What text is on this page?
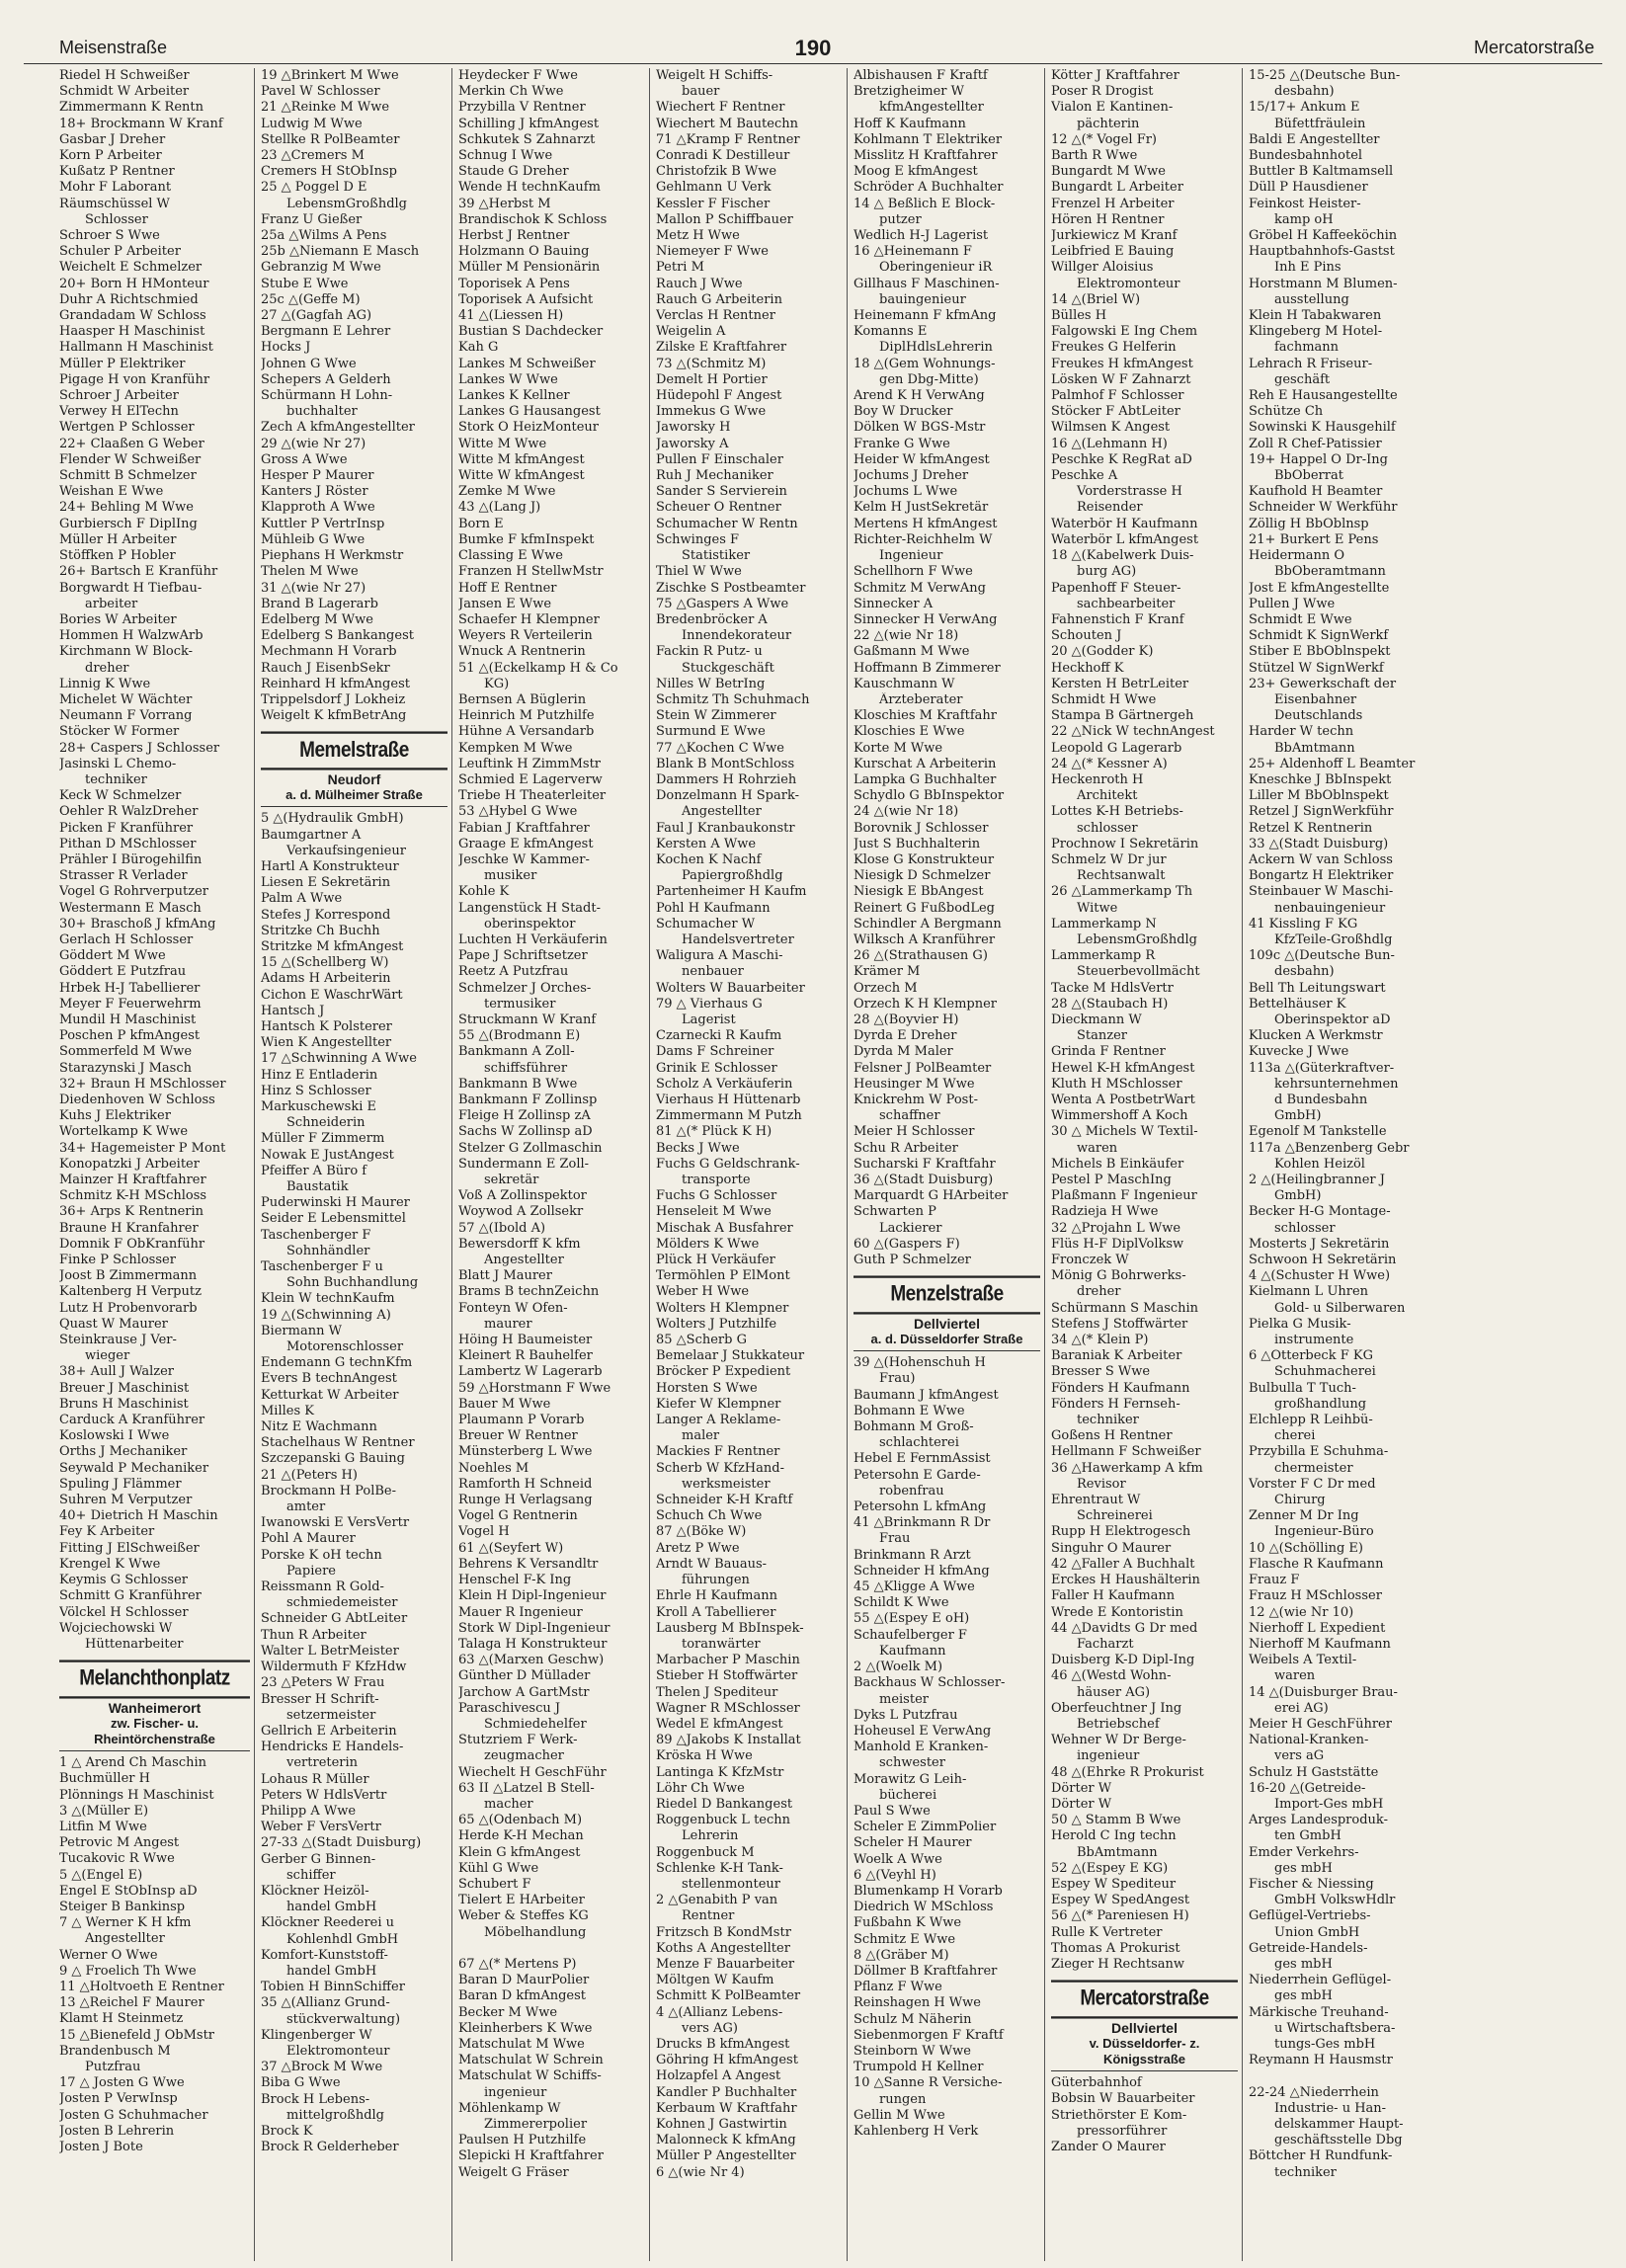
Meisenstraße	190	Mercatorstraße
Riedel H Schweißer
Schmidt W Arbeiter
Zimmermann K Rentn
18+ Brockmann W Kranf
Gasbar J Dreher
Korn P Arbeiter
Kußatz P Rentner
Mohr F Laborant
Räumschüssel W
Schlosser
Schroer S Wwe
Schuler P Arbeiter
Weichelt E Schmelzer
20+ Born H HMonteur
Duhr A Richtschmied
Grandadam W Schloss
Haasper H Maschinist
Hallmann H Maschinist
Müller P Elektriker
Pigage H von Kranführ
Schroer J Arbeiter
Verwey H ElTechn
Wertgen P Schlosser
22+ Claaßen G Weber
Flender W Schweißer
Schmitt B Schmelzer
Weishan E Wwe
24+ Behling M Wwe
Gurbiersch F DiplIng
Müller H Arbeiter
Stöffken P Hobler
26+ Bartsch E Kranführ
Borgwardt H Tiefbau-
arbeiter
Bories W Arbeiter
Hommen H WalzwArb
Kirchmann W Block-
dreher
Linnig K Wwe
Michelet W Wächter
Neumann F Vorrang
Stöcker W Former
28+ Caspers J Schlosser
Jasinski L Chemo-
techniker
Keck W Schmelzer
Oehler R WalzDreher
Picken F Kranführer
Pithan D MSchlosser
Prähler I Bürogehilfin
Strasser R Verlader
Vogel G Rohrverputzer
Westermann E Masch
30+ Braschoß J kfmAng
Gerlach H Schlosser
Göddert M Wwe
Göddert E Putzfrau
Hrbek H-J Tabellierer
Meyer F Feuerwehrm
Mundil H Maschinist
Poschen P kfmAngest
Sommerfeld M Wwe
Starazynski J Masch
32+ Braun H MSchlosser
Diedenhoven W Schloss
Kuhs J Elektriker
Wortelkamp K Wwe
34+ Hagemeister P Mont
Konopatzki J Arbeiter
Mainzer H Kraftfahrer
Schmitz K-H MSchloss
36+ Arps K Rentnerin
Braune H Kranfahrer
Domnik F ObKranführ
Finke P Schlosser
Joost B Zimmermann
Kaltenberg H Verputz
Lutz H Probenvorarb
Quast W Maurer
Steinkrause J Ver-
wieger
38+ Aull J Walzer
Breuer J Maschinist
Bruns H Maschinist
Carduck A Kranführer
Koslowski I Wwe
Orths J Mechaniker
Seywald P Mechaniker
Spuling J Flämmer
Suhren M Verputzer
40+ Dietrich H Maschin
Fey K Arbeiter
Fitting J ElSchweißer
Krengel K Wwe
Keymis G Schlosser
Schmitt G Kranführer
Völckel H Schlosser
Wojciechowski W
Hüttenarbeiter
Melanchthonplatz
Wanheimerort
zw. Fischer- u.
Rheintörchenstraße
1 △ Arend Ch Maschin
Buchmüller H
Plönnings H Maschinist
3 △(Müller E)
Litfin M Wwe
Petrovic M Angest
Tucakovic R Wwe
5 △(Engel E)
Engel E StObInsp aD
Steiger B Bankinsp
7 △ Werner K H kfm
Angestellter
Werner O Wwe
9 △ Froelich Th Wwe
11 △Holtvoeth E Rentner
13 △Reichel F Maurer
Klamt H Steinmetz
15 △Bienefeld J ObMstr
Brandenbusch M
Putzfrau
17 △ Josten G Wwe
Josten P VerwInsp
Josten G Schuhmacher
Josten B Lehrerin
Josten J Bote
19 △Brinkert M Wwe
Pavel W Schlosser
21 △Reinke M Wwe
Ludwig M Wwe
Stellke R PolBeamter
23 △Cremers M
Cremers H StObInsp
25 △ Poggel D E
LebensmGroßhdlg
Franz U Gießer
25a △Wilms A Pens
25b △Niemann E Masch
Gebranzig M Wwe
Stube E Wwe
25c △(Geffe M)
27 △(Gagfah AG)
Bergmann E Lehrer
Hocks J
Johnen G Wwe
Schepers A Gelderh
Schürmann H Lohn-
buchhalter
Zech A kfmAngestellter
29 △(wie Nr 27)
Gross A Wwe
Hesper P Maurer
Kanters J Röster
Klapproth A Wwe
Kuttler P VertrInsp
Mühleib G Wwe
Piephans H Werkmstr
Thelen M Wwe
31 △(wie Nr 27)
Brand B Lagerarb
Edelberg M Wwe
Edelberg S Bankangest
Mechmann H Vorarb
Rauch J EisenbSekr
Reinhard H kfmAngest
Trippelsdorf J Lokheiz
Weigelt K kfmBetrAng
Memelstraße
Neudorf
a. d. Mülheimer Straße
5 △(Hydraulik GmbH)
Baumgartner A
Verkaufsingenieur
Hartl A Konstrukteur
Liesen E Sekretärin
Palm A Wwe
Stefes J Korrespond
Stritzke Ch Buchh
Stritzke M kfmAngest
15 △(Schellberg W)
Adams H Arbeiterin
Cichon E WaschrWärt
Hantsch J
Hantsch K Polsterer
Wien K Angestellter
17 △Schwinning A Wwe
Hinz E Entladerin
Hinz S Schlosser
Markuschewski E
Schneiderin
Müller F Zimmerm
Nowak E JustAngest
Pfeiffer A Büro f
Baustatik
Puderwinski H Maurer
Seider E Lebensmittel
Taschenberger F
Sohnhändler
Taschenberger F u
Sohn Buchhandlung
Klein W technKaufm
19 △(Schwinning A)
Biermann W
Motorenschlosser
Endemann G technKfm
Evers B technAngest
Ketturkat W Arbeiter
Milles K
Nitz E Wachmann
Stachelhaus W Rentner
Szczepanski G Bauing
21 △(Peters H)
Brockmann H PolBe-
amter
Iwanowski E VersVertr
Pohl A Maurer
Porske K oH techn
Papiere
Reissmann R Gold-
schmiedemeister
Schneider G AbtLeiter
Thun R Arbeiter
Walter L BetrMeister
Wildermuth F KfzHdw
23 △Peters W Frau
Bresser H Schrift-
setzermeister
Gellrich E Arbeiterin
Hendricks E Handels-
vertreterin
Lohaus R Müller
Peters W HdlsVertr
Philipp A Wwe
Weber F VersVertr
27-33 △(Stadt Duisburg)
Gerber G Binnen-
schiffer
Klöckner Heizöl-
handel GmbH
Klöckner Reederei u
Kohlenhdl GmbH
Komfort-Kunststoff-
handel GmbH
Tobien H BinnSchiffer
35 △(Allianz Grund-
stückverwaltung)
Klingenberger W
Elektromonteur
37 △Brock M Wwe
Biba G Wwe
Brock H Lebens-
mittelgroßhdlg
Brock K
Brock R Gelderheber
Heydecker F Wwe
Merkin Ch Wwe
Przybilla V Rentner
Schilling J kfmAngest
Schkutek S Zahnarzt
Schnug I Wwe
Staude G Dreher
Wende H technKaufm
39 △Herbst M
Brandischok K Schloss
Herbst J Rentner
Holzmann O Bauing
Müller M Pensionärin
Toporisek A Pens
Toporisek A Aufsicht
41 △(Liessen H)
Bustian S Dachdecker
Kah G
Lankes M Schweißer
Lankes W Wwe
Lankes K Kellner
Lankes G Hausangest
Stork O HeizMonteur
Witte M Wwe
Witte M kfmAngest
Witte W kfmAngest
Zemke M Wwe
43 △(Lang J)
Born E
Bumke F kfmInspekt
Classing E Wwe
Franzen H StellwMstr
Hoff E Rentner
Jansen E Wwe
Schaefer H Klempner
Weyers R Verteilerin
Wnuck A Rentnerin
51 △(Eckelkamp H & Co
KG)
Bernsen A Büglerin
Heinrich M Putzhilfe
Hühne A Versandarb
Kempken M Wwe
Leuftink H ZimmMstr
Schmied E Lagerverw
Triebe H Theaterleiter
53 △Hybel G Wwe
Fabian J Kraftfahrer
Graage E kfmAngest
Jeschke W Kammer-
musiker
Kohle K
Langenstück H Stadt-
oberinspektor
Luchten H Verkäuferin
Pape J Schriftsetzer
Reetz A Putzfrau
Schmelzer J Orches-
termusiker
Struckmann W Kranf
55 △(Brodmann E)
Bankmann A Zoll-
schiffsführer
Bankmann B Wwe
Bankmann F Zollinsp
Fleige H Zollinsp zA
Sachs W Zollinsp aD
Stelzer G Zollmaschin
Sundermann E Zoll-
sekretär
Voß A Zollinspektor
Woywod A Zollsekr
57 △(Ibold A)
Bewersdorff K kfm
Angestellter
Blatt J Maurer
Brams B technZeichn
Fonteyn W Ofen-
maurer
Höing H Baumeister
Kleinert R Bauhelfer
Lambertz W Lagerarb
59 △Horstmann F Wwe
Bauer M Wwe
Plaumann P Vorarb
Breuer W Rentner
Münsterberg L Wwe
Noehles M
Ramforth H Schneid
Runge H Verlagsang
Vogel G Rentnerin
Vogel H
61 △(Seyfert W)
Behrens K Versandltr
Henschel F-K Ing
Klein H Dipl-Ingenieur
Mauer R Ingenieur
Stork W Dipl-Ingenieur
Talaga H Konstrukteur
63 △(Marxen Geschw)
Günther D Müllader
Jarchow A GartMstr
Paraschivescu J
Schmiedehelfer
Stutzriem F Werk-
zeugmacher
Wiechelt H GeschFühr
63 II △Latzel B Stell-
macher
65 △(Odenbach M)
Herde K-H Mechan
Klein G kfmAngest
Kühl G Wwe
Schubert F
Tielert E HArbeiter
Weber & Steffes KG
Möbelhandlung

67 △(* Mertens P)
Baran D MaurPolier
Baran D kfmAngest
Becker M Wwe
Kleinherbers K Wwe
Matschulat M Wwe
Matschulat W Schrein
Matschulat W Schiffs-
ingenieur
Möhlenkamp W
Zimmererpolier
Paulsen H Putzhilfe
Slepicki H Kraftfahrer
Weigelt G Fräser
Weigelt H Schiffs-
bauer
Wiechert F Rentner
Wiechert M Bautechn
71 △Kramp F Rentner
Conradi K Destilleur
Christofzik B Wwe
Gehlmann U Verk
Kessler F Fischer
Mallon P Schiffbauer
Metz H Wwe
Niemeyer F Wwe
Petri M
Rauch J Wwe
Rauch G Arbeiterin
Verclas H Rentner
Weigelin A
Zilske E Kraftfahrer
73 △(Schmitz M)
Demelt H Portier
Hüdepohl F Angest
Immekus G Wwe
Jaworsky H
Jaworsky A
Pullen F Einschaler
Ruh J Mechaniker
Sander S Servierein
Scheuer O Rentner
Schumacher W Rentn
Schwinges F
Statistiker
Thiel W Wwe
Zischke S Postbeamter
75 △Gaspers A Wwe
Bredenbröcker A
Innendekorateur
Fackin R Putz- u
Stuckgeschäft
Nilles W BetrIng
Schmitz Th Schuhmach
Stein W Zimmerer
Surmund E Wwe
77 △Kochen C Wwe
Blank B MontSchloss
Dammers H Rohrzieh
Donzelmann H Spark-
Angestellter
Faul J Kranbaukonstr
Kersten A Wwe
Kochen K Nachf
Papiergroßhdlg
Partenheimer H Kaufm
Pohl H Kaufmann
Schumacher W
Handelsvertreter
Waligura A Maschi-
nenbauer
Wolters W Bauarbeiter
79 △ Vierhaus G
Lagerist
Czarnecki R Kaufm
Dams F Schreiner
Grinik E Schlosser
Scholz A Verkäuferin
Vierhaus H Hüttenarb
Zimmermann M Putzh
81 △(* Plück K H)
Becks J Wwe
Fuchs G Geldschrank-
transporte
Fuchs G Schlosser
Henseleit M Wwe
Mischak A Busfahrer
Mölders K Wwe
Plück H Verkäufer
Termöhlen P ElMont
Weber H Wwe
Wolters H Klempner
Wolters J Putzhilfe
85 △Scherb G
Bemelaar J Stukkateur
Bröcker P Expedient
Horsten S Wwe
Kiefer W Klempner
Langer A Reklame-
maler
Mackies F Rentner
Scherb W KfzHand-
werksmeister
Schneider K-H Kraftf
Schuch Ch Wwe
87 △(Böke W)
Aretz P Wwe
Arndt W Bauaus-
führungen
Ehrle H Kaufmann
Kroll A Tabellierer
Lausberg M BbInspek-
toranwärter
Marbacher P Maschin
Stieber H Stoffwärter
Thelen J Spediteur
Wagner R MSchlosser
Wedel E kfmAngest
89 △Jakobs K Installat
Kröska H Wwe
Lantinga K KfzMstr
Löhr Ch Wwe
Riedel D Bankangest
Roggenbuck L techn
Lehrerin
Roggenbuck M
Schlenke K-H Tank-
stellenmonteur
2 △Genabith P van
Rentner
Fritzsch B KondMstr
Koths A Angestellter
Menze F Bauarbeiter
Möltgen W Kaufm
Schmitt K PolBeamter
4 △(Allianz Lebens-
vers AG)
Drucks B kfmAngest
Göhring H kfmAngest
Holzapfel A Angest
Kandler P Buchhalter
Kerbaum W Kraftfahr
Kohnen J Gastwirtin
Malonneck K kfmAng
Müller P Angestellter
6 △(wie Nr 4)
Albishausen F Kraftf
Bretzigheimer W
kfmAngestellter
Hoff K Kaufmann
Kohlmann T Elektriker
Misslitz H Kraftfahrer
Moog E kfmAngest
Schröder A Buchhalter
14 △ Beßlich E Block-
putzer
Wedlich H-J Lagerist
16 △Heinemann F
Oberingenieur iR
Gillhaus F Maschinen-
bauingenieur
Heinemann F kfmAng
Komanns E
DiplHdlsLehrerin
18 △(Gem Wohnungs-
gen Dbg-Mitte)
Arend K H VerwAng
Boy W Drucker
Dölken W BGS-Mstr
Franke G Wwe
Heider W kfmAngest
Jochums J Dreher
Jochums L Wwe
Kelm H JustSekretär
Mertens H kfmAngest
Richter-Reichhelm W
Ingenieur
Schellhorn F Wwe
Schmitz M VerwAng
Sinnecker A
Sinnecker H VerwAng
22 △(wie Nr 18)
Gaßmann M Wwe
Hoffmann B Zimmerer
Kauschmann W
Ärzteberater
Kloschies M Kraftfahr
Kloschies E Wwe
Korte M Wwe
Kurschat A Arbeiterin
Lampka G Buchhalter
Schydlo G BbInspektor
24 △(wie Nr 18)
Borovnik J Schlosser
Just S Buchhalterin
Klose G Konstrukteur
Niesigk D Schmelzer
Niesigk E BbAngest
Reinert G FußbodLeg
Schindler A Bergmann
Wilksch A Kranführer
26 △(Strathausen G)
Krämer M
Orzech M
Orzech K H Klempner
28 △(Boyvier H)
Dyrda E Dreher
Dyrda M Maler
Felsner J PolBeamter
Heusinger M Wwe
Knickrehm W Post-
schaffner
Meier H Schlosser
Schu R Arbeiter
Sucharski F Kraftfahr
36 △(Stadt Duisburg)
Marquardt G HArbeiter
Schwarten P
Lackierer
60 △(Gaspers F)
Guth P Schmelzer
Menzelstraße
Dellviertel
a. d. Düsseldorfer Straße
39 △(Hohenschuh H
Frau)
Baumann J kfmAngest
Bohmann E Wwe
Bohmann M Groß-
schlachterei
Hebel E FernmAssist
Petersohn E Garde-
robenfrau
Petersohn L kfmAng
41 △Brinkmann R Dr
Frau
Brinkmann R Arzt
Schneider H kfmAng
45 △Kligge A Wwe
Schildt K Wwe
55 △(Espey E oH)
Schaufelberger F
Kaufmann
2 △(Woelk M)
Backhaus W Schlosser-
meister
Dyks L Putzfrau
Hoheusel E VerwAng
Manhold E Kranken-
schwester
Morawitz G Leih-
bücherei
Paul S Wwe
Scheler E ZimmPolier
Scheler H Maurer
Woelk A Wwe
6 △(Veyhl H)
Blumenkamp H Vorarb
Diedrich W MSchloss
Fußbahn K Wwe
Schmitz E Wwe
8 △(Gräber M)
Döllmer B Kraftfahrer
Pflanz F Wwe
Reinshagen H Wwe
Schulz M Näherin
Siebenmorgen F Kraftf
Steinborn W Wwe
Trumpold H Kellner
10 △Sanne R Versiche-
rungen
Gellin M Wwe
Kahlenberg H Verk
Kötter J Kraftfahrer
Poser R Drogist
Vialon E Kantinen-
pächterin
12 △(* Vogel Fr)
Barth R Wwe
Bungardt M Wwe
Bungardt L Arbeiter
Frenzel H Arbeiter
Hören H Rentner
Jurkiewicz M Kranf
Leibfried E Bauing
Willger Aloisius
Elektromonteur
14 △(Briel W)
Bülles H
Falgowski E Ing Chem
Freukes G Helferin
Freukes H kfmAngest
Lösken W F Zahnarzt
Palmhof F Schlosser
Stöcker F AbtLeiter
Wilmsen K Angest
16 △(Lehmann H)
Peschke K RegRat aD
Peschke A
Vorderstrasse H
Reisender
Waterbör H Kaufmann
Waterbör L kfmAngest
18 △(Kabelwerk Duis-
burg AG)
Papenhoff F Steuer-
sachbearbeiter
Fahnenstich F Kranf
Schouten J
20 △(Godder K)
Heckhoff K
Kersten H BetrLeiter
Schmidt H Wwe
Stampa B Gärtnergeh
22 △Nick W technAngest
Leopold G Lagerarb
24 △(* Kessner A)
Heckenroth H
Architekt
Lottes K-H Betriebs-
schlosser
Prochnow I Sekretärin
Schmelz W Dr jur
Rechtsanwalt
26 △Lammerkamp Th
Witwe
Lammerkamp N
LebensmGroßhdlg
Lammerkamp R
Steuerbevollmächt
Tacke M HdlsVertr
28 △(Staubach H)
Dieckmann W
Stanzer
Grinda F Rentner
Hewel K-H kfmAngest
Kluth H MSchlosser
Wenta A PostbetrWart
Wimmershoff A Koch
30 △ Michels W Textil-
waren
Michels B Einkäufer
Pestel P MaschIng
Plaßmann F Ingenieur
Radzieja H Wwe
32 △Projahn L Wwe
Flüs H-F DiplVolksw
Fronczek W
Mönig G Bohrwerks-
dreher
Schürmann S Maschin
Stefens J Stoffwärter
34 △(* Klein P)
Baraniak K Arbeiter
Bresser S Wwe
Fönders H Kaufmann
Fönders H Fernseh-
techniker
Goßens H Rentner
Hellmann F Schweißer
36 △Hawerkamp A kfm
Revisor
Ehrentraut W
Schreinerei
Rupp H Elektrogesch
Singuhr O Maurer
42 △Faller A Buchhalt
Erckes H Haushälterin
Faller H Kaufmann
Wrede E Kontoristin
44 △Davidts G Dr med
Facharzt
Duisberg K-D Dipl-Ing
46 △(Westd Wohn-
häuser AG)
Oberfeuchtner J Ing
Betriebschef
Wehner W Dr Berge-
ingenieur
48 △(Ehrke R Prokurist
Dörter W
Dörter W
50 △ Stamm B Wwe
Herold C Ing techn
BbAmtmann
52 △(Espey E KG)
Espey W Spediteur
Espey W SpedAngest
56 △(* Pareniesen H)
Rulle K Vertreter
Thomas A Prokurist
Zieger H Rechtsanw
Mercatorstraße
Dellviertel
v. Düsseldorfer- z.
Königsstraße
Güterbahnhof
Bobsin W Bauarbeiter
Striethörster E Kom-
pressorführer
Zander O Maurer
15-25 △(Deutsche Bun-
desbahn)
15/17+ Ankum E
Büfettfräulein
Baldi E Angestellter
Bundesbahnhotel
Buttler B Kaltmamsell
Düll P Hausdiener
Feinkost Heister-
kamp oH
Gröbel H Kaffeeköchin
Hauptbahnhofs-Gastst
Inh E Pins
Horstmann M Blumen-
ausstellung
Klein H Tabakwaren
Klingeberg M Hotel-
fachmann
Lehrach R Friseur-
geschäft
Reh E Hausangestellte
Schütze Ch
Sowinski K Hausgehilf
Zoll R Chef-Patissier
19+ Happel O Dr-Ing
BbOberrat
Kaufhold H Beamter
Schneider W Werkführ
Zöllig H BbOblnsp
21+ Burkert E Pens
Heidermann O
BbOberamtmann
Jost E kfmAngestellte
Pullen J Wwe
Schmidt E Wwe
Schmidt K SignWerkf
Stiber E BbOblnspekt
Stützel W SignWerkf
23+ Gewerkschaft der
Eisenbahner
Deutschlands
Harder W techn
BbAmtmann
25+ Aldenhoff L Beamter
Kneschke J BbInspekt
Liller M BbOblnspekt
Retzel J SignWerkführ
Retzel K Rentnerin
33 △(Stadt Duisburg)
Ackern W van Schloss
Bongartz H Elektriker
Steinbauer W Maschi-
nenbauingenieur
41 Kissling F KG
KfzTeile-Großhdlg
109c △(Deutsche Bun-
desbahn)
Bell Th Leitungswart
Bettelhäuser K
Oberinspektor aD
Klucken A Werkmstr
Kuvecke J Wwe
113a △(Güterkraftver-
kehrsunternehmen
d Bundesbahn
GmbH)
Egenolf M Tankstelle
117a △Benzenberg Gebr
Kohlen Heizöl
2 △(Heilingbranner J
GmbH)
Becker H-G Montage-
schlosser
Mosterts J Sekretärin
Schwoon H Sekretärin
4 △(Schuster H Wwe)
Kielmann L Uhren
Gold- u Silberwaren
Pielka G Musik-
instrumente
6 △Otterbeck F KG
Schuhmacherei
Bulbulla T Tuch-
großhandlung
Elchlepp R Leihbü-
cherei
Przybilla E Schuhma-
chermeister
Vorster F C Dr med
Chirurg
Zenner M Dr Ing
Ingenieur-Büro
10 △(Schölling E)
Flasche R Kaufmann
Frauz F
Frauz H MSchlosser
12 △(wie Nr 10)
Nierhoff L Expedient
Nierhoff M Kaufmann
Weibels A Textil-
waren
14 △(Duisburger Brau-
erei AG)
Meier H GeschFührer
National-Kranken-
vers aG
Schulz H Gaststätte
16-20 △(Getreide-
Import-Ges mbH
Arges Landesproduk-
ten GmbH
Emder Verkehrs-
ges mbH
Fischer & Niessing
GmbH VolkswHdlr
Geflügel-Vertriebs-
Union GmbH
Getreide-Handels-
ges mbH
Niederrhein Geflügel-
ges mbH
Märkische Treuhand-
u Wirtschaftsbera-
tungs-Ges mbH
Reymann H Hausmstr

22-24 △Niederrhein
Industrie- u Han-
delskammer Haupt-
geschäftsstelle Dbg
Böttcher H Rundfunk-
techniker
